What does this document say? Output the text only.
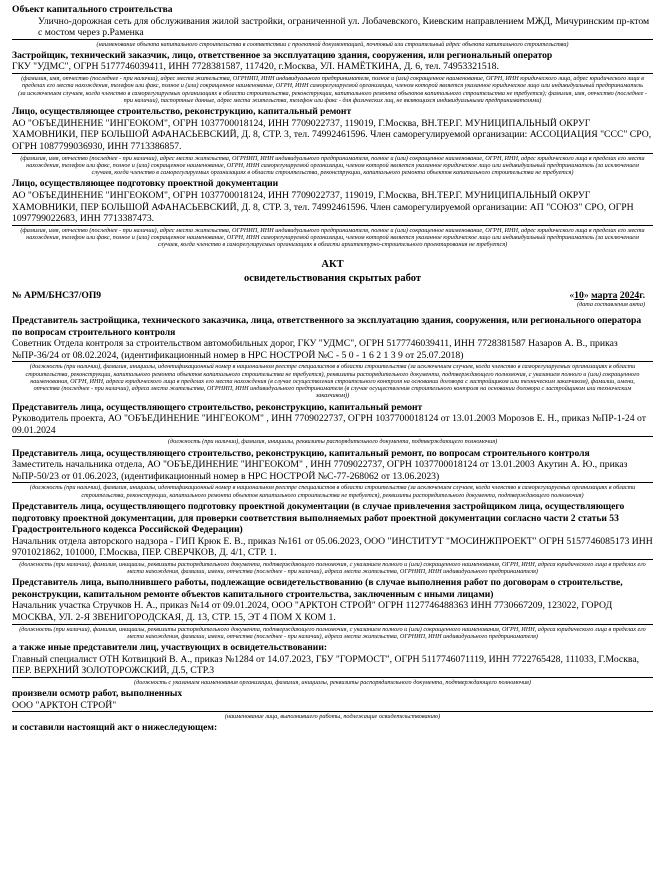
Объект капитального строительства
Улично-дорожная сеть для обслуживания жилой застройки, ограниченной ул. Лобачевского, Киевским направлением МЖД, Мичуринским пр-ктом с мостом через р.Раменка
(наименование объекта капитального строительства в соответствии с проектной документацией, почтовый или строительный адрес объекта капитального строительства)
Застройщик, технический заказчик, лицо, ответственное за эксплуатацию здания, сооружения, или региональный оператор
ГКУ "УДМС", ОГРН 5177746039411, ИНН 7728381587, 117420, г.Москва, УЛ. НАМЁТКИНА, Д. 6, тел. 74953321518.
(фамилия, имя, отчество (последнее - при наличии), адрес места жительства, ОГРНИП, ИНН индивидуального предпринимателя, полное и (или) сокращенное наименование, ОГРН, ИНН юридического лица, адрес юридического лица в пределах его места нахождения, телефон или факс, полное и (или) сокращенное наименование, ОГРН, ИНН саморегулируемой организации, членом которой является указанное юридическое лицо или индивидуальный предприниматель (за исключением случаев, когда членство в саморегулируемых организациях в области строительства, реконструкции, капитального ремонта объектов капитального строительства не требуется); фамилия, имя, отчество (последнее - при наличии), паспортные данные, адрес места жительства, телефон или факс - для физических лиц, не являющихся индивидуальными предпринимателями)
Лицо, осуществляющее строительство, реконструкцию, капитальный ремонт
АО "ОБЪЕДИНЕНИЕ "ИНГЕОКОМ", ОГРН 1037700018124, ИНН 7709022737, 119019, Г.Москва, ВН.ТЕР.Г. МУНИЦИПАЛЬНЫЙ ОКРУГ ХАМОВНИКИ, ПЕР БОЛЬШОЙ АФАНАСЬЕВСКИЙ, Д. 8, СТР. 3, тел. 74992461596. Член саморегулируемой организации: АССОЦИАЦИЯ "ССС" СРО, ОГРН 1087799036930, ИНН 7713386857.
(фамилия, имя, отчество (последнее - при наличии), адрес места жительства, ОГРНИП, ИНН индивидуального предпринимателя, полное и (или) сокращенное наименование, ОГРН, ИНН, адрес юридического лица в пределах его места нахождения, телефон или факс, полное и (или) сокращенное наименование, ОГРН, ИНН саморегулируемой организации, членом которой является указанное юридическое лицо или индивидуальный предприниматель (за исключением случаев, когда членство в саморегулируемых организациях в области строительства, реконструкции, капитального ремонта объектов капитального строительства не требуется)
Лицо, осуществляющее подготовку проектной документации
АО "ОБЪЕДИНЕНИЕ "ИНГЕОКОМ", ОГРН 1037700018124, ИНН 7709022737, 119019, Г.Москва, ВН.ТЕР.Г. МУНИЦИПАЛЬНЫЙ ОКРУГ ХАМОВНИКИ, ПЕР БОЛЬШОЙ АФАНАСЬЕВСКИЙ, Д. 8, СТР. 3, тел. 74992461596. Член саморегулируемой организации: АП "СОЮЗ" СРО, ОГРН 1097799022683, ИНН 7713387473.
(фамилия, имя, отчество (последнее - при наличии), адрес места жительства, ОГРНИП, ИНН индивидуального предпринимателя, полное и (или) сокращенное наименование, ОГРН, ИНН, адрес юридического лица в пределах его места нахождения, телефон или факс, полное и (или) сокращенное наименование, ОГРН, ИНН саморегулируемой организации, членом которой является указанное юридическое лицо или индивидуальный предприниматель (за исключением случаев, когда членство в саморегулируемых организациях в области архитектурно-строительного проектирования не требуется)
АКТ
освидетельствования скрытых работ
№ АРМ/БНС37/ОП9	«10» марта 2024г.
(дата составления акта)
Представитель застройщика, технического заказчика, лица, ответственного за эксплуатацию здания, сооружения, или регионального оператора по вопросам строительного контроля
Советник Отдела контроля за строительством автомобильных дорог, ГКУ "УДМС", ОГРН 5177746039411, ИНН 7728381587 Назаров А. В., приказ №ПР-36/24 от 08.02.2024, (идентификационный номер в НРС НОСТРОЙ №С - 5 0 - 1 6 2 1 3 9 от 25.07.2018)
(должность (при наличии), фамилия, инициалы, идентификационный номер в национальном реестре специалистов в области строительства (за исключением случаев, когда членство в саморегулируемых организациях в области строительства, реконструкции, капитального ремонта объектов капитального строительства не требуется), реквизиты распорядительного документа, подтверждающего полномочия, с указанием полного и (или) сокращенного наименования, ОГРН, ИНН, адреса юридического лица в пределах его места нахождения (в случае осуществления строительного контроля на основании договора с застройщиком или техническим заказчиком), фамилии, имени, отчества (последнее - при наличии), адреса места жительства, ОГРНИП, ИНН индивидуального предпринимателя (в случае осуществления строительного контроля на основании договора с застройщиком или техническим заказчиком))
Представитель лица, осуществляющего строительство, реконструкцию, капитальный ремонт
Руководитель проекта, АО "ОБЪЕДИНЕНИЕ "ИНГЕОКОМ" , ИНН 7709022737, ОГРН 1037700018124 от 13.01.2003 Морозов Е. Н., приказ №ПР-1-24 от 09.01.2024
(должность (при наличии), фамилия, инициалы, реквизиты распорядительного документа, подтверждающего полномочия)
Представитель лица, осуществляющего строительство, реконструкцию, капитальный ремонт, по вопросам строительного контроля
Заместитель начальника отдела, АО "ОБЪЕДИНЕНИЕ "ИНГЕОКОМ" , ИНН 7709022737, ОГРН 1037700018124 от 13.01.2003 Акутин А. Ю., приказ №ПР-50/23 от 01.06.2023, (идентификационный номер в НРС НОСТРОЙ №С-77-268062 от 13.06.2023)
(должность (при наличии), фамилия, инициалы, идентификационный номер в национальном реестре специалистов в области строительства (за исключением случаев, когда членство в саморегулируемых организациях в области строительства, реконструкции, капитального ремонта объектов капитального строительства не требуется), реквизиты распорядительного документа, подтверждающего полномочия)
Представитель лица, осуществляющего подготовку проектной документации (в случае привлечения застройщиком лица, осуществляющего подготовку проектной документации, для проверки соответствия выполняемых работ проектной документации согласно части 2 статьи 53 Градостроительного кодекса Российской Федерации)
Начальник отдела авторского надзора - ГИП Крюк Е. В., приказ №161 от 05.06.2023, ООО "ИНСТИТУТ "МОСИНЖПРОЕКТ" ОГРН 5157746085173 ИНН 9701021862, 101000, Г.Москва, ПЕР. СВЕРЧКОВ, Д. 4/1, СТР. 1.
(должность (при наличии), фамилия, инициалы, реквизиты распорядительного документа, подтверждающего полномочия, с указанием полного и (или) сокращенного наименования, ОГРН, ИНН, адреса юридического лица в пределах его места нахождения, фамилии, имени, отчества (последнее - при наличии), адреса места жительства, ОГРНИП, ИНН индивидуального предпринимателя)
Представитель лица, выполнившего работы, подлежащие освидетельствованию (в случае выполнения работ по договорам о строительстве, реконструкции, капитальном ремонте объектов капитального строительства, заключенным с иными лицами)
Начальник участка Стручков Н. А., приказ №14 от 09.01.2024, ООО "АРКТОН СТРОЙ" ОГРН 1127746488363 ИНН 7730667209, 123022, ГОРОД МОСКВА, УЛ. 2-Я ЗВЕНИГОРОДСКАЯ, Д. 13, СТР. 15, ЭТ 4 ПОМ Х КОМ 1.
(должность (при наличии), фамилия, инициалы, реквизиты распорядительного документа, подтверждающего полномочия, с указанием полного и (или) сокращенного наименования, ОГРН, ИНН, адреса юридического лица в пределах его места нахождения, фамилии, имени, отчества (последнее - при наличии), адреса места жительства, ОГРНИП, ИНН индивидуального предпринимателя)
а также иные представители лиц, участвующих в освидетельствовании:
Главный специалист ОТН Котвицкий В. А., приказ №1284 от 14.07.2023, ГБУ "ГОРМОСТ", ОГРН 5117746071119, ИНН 7722765428, 111033, Г.Москва, ПЕР. ВЕРХНИЙ ЗОЛОТОРОЖСКИЙ, Д.5, СТР.3
(должность с указанием наименования организации, фамилия, инициалы, реквизиты распорядительного документа, подтверждающего полномочия)
произвели осмотр работ, выполненных
ООО "АРКТОН СТРОЙ"
(наименование лица, выполнившего работы, подлежащие освидетельствованию)
и составили настоящий акт о нижеследующем:
